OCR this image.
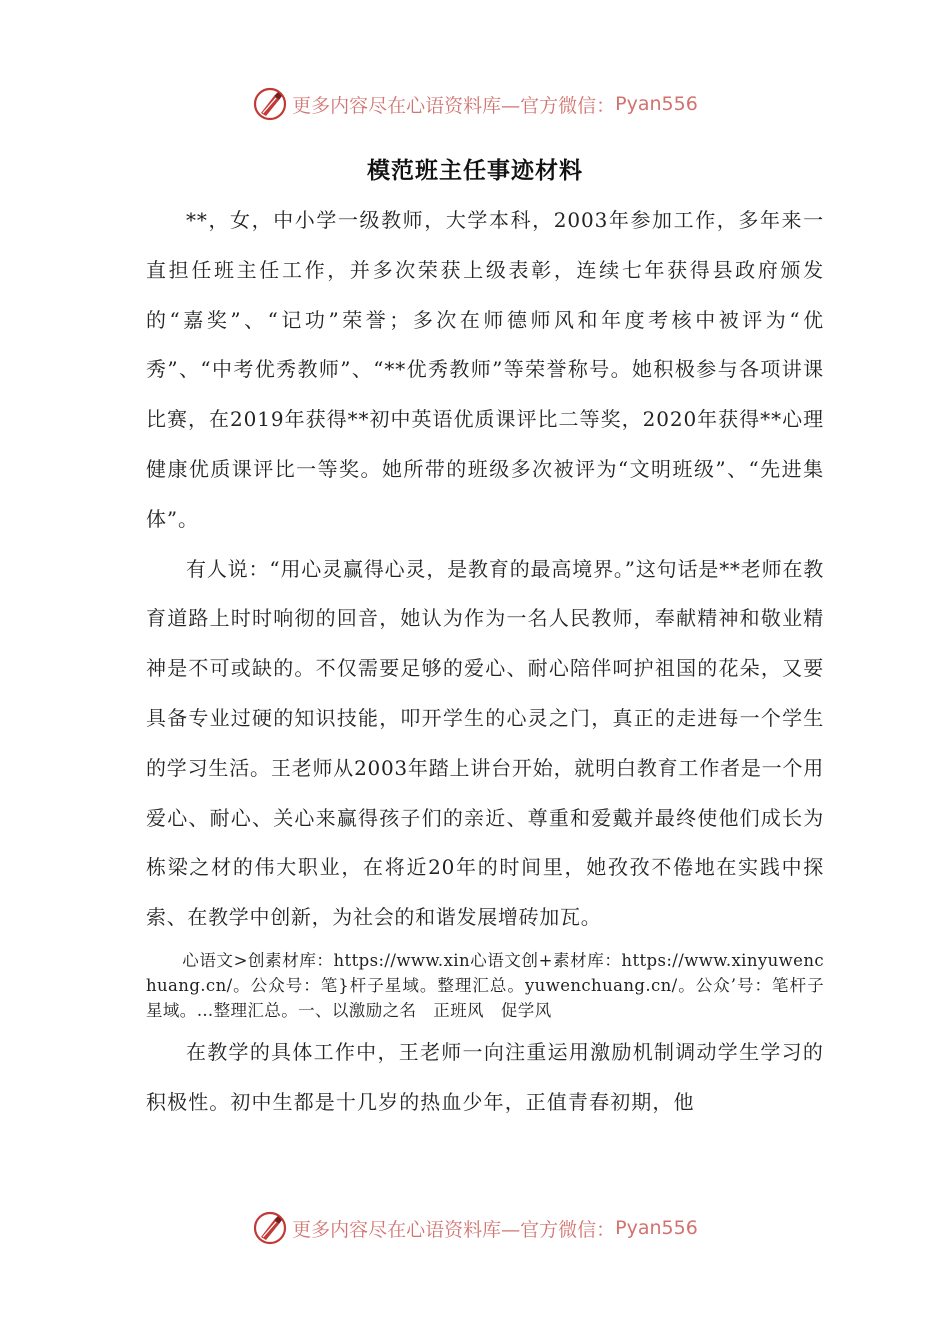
更多内容尽在心语资料库—官方微信： Pyan556
模范班主任事迹材料

**，女，中小学一级教师，大学本科，2003年参加工作，多年来一直担任班主任工作，并多次荣获上级表彰，连续七年获得县政府颁发的“嘉奖”、“记功”荣誉；多次在师德师风和年度考核中被评为“优秀”、“中考优秀教师”、“**优秀教师”等荣誉称号。她积极参与各项讲课比赛，在2019年获得**初中英语优质课评比二等奖，2020年获得**心理健康优质课评比一等奖。她所带的班级多次被评为“文明班级”、“先进集体”。

有人说：“用心灵赢得心灵，是教育的最高境界。”这句话是**老师在教育道路上时时响彻的回音，她认为作为一名人民教师，奉献精神和敬业精神是不可或缺的。不仅需要足够的爱心、耐心陪伴呵护祖国的花朵，又要具备专业过硬的知识技能，叩开学生的心灵之门，真正的走进每一个学生的学习生活。王老师从2003年踏上讲台开始，就明白教育工作者是一个用爱心、耐心、关心来赢得孩子们的亲近、尊重和爱戴并最终使他们成长为栋梁之材的伟大职业，在将近20年的时间里，她孜孜不倦地在实践中探索、在教学中创新，为社会的和谐发展增砖加瓦。

心语文>创素材库：https://www.xin心语文创+素材库：https://www.xinyuwenchuang.cn/。公众号：笔}杆子星域。整理汇总。yuwenchuang.cn/。公众’号：笔杆子星域。…整理汇总。一、以激励之名　正班风　促学风

在教学的具体工作中，王老师一向注重运用激励机制调动学生学习的积极性。初中生都是十几岁的热血少年，正值青春初期，他

更多内容尽在心语资料库—官方微信： Pyan556
